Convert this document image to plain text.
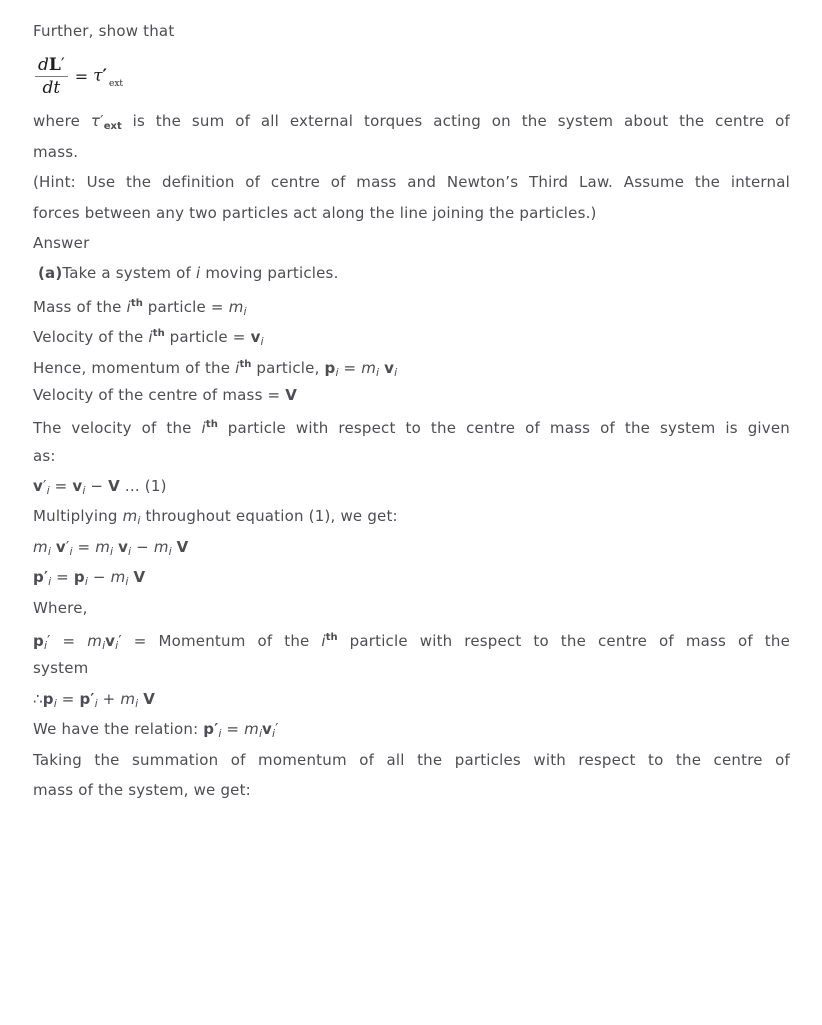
Further, show that
$\frac{dL'}{dt} = \tau'$ ext
where $\tau'_{ext}$ is the sum of all external torques acting on the system about the centre of
mass.
(Hint: Use the definition of centre of mass and Newton’s Third Law. Assume the internal
forces between any two particles act along the line joining the particles.)
Answer
(a)Take a system of i moving particles.
Mass of the $i^{th}$ particle = $m_i$
Velocity of the $i^{th}$ particle = $v_i$
Hence, momentum of the $i^{th}$ particle, $p_i = m_i$ $v_i$
Velocity of the centre of mass = V
The velocity of the $i^{th}$ particle with respect to the centre of mass of the system is given
as:
$v'_i = v_i - V$ ... (1)
Multiplying $m_i$ throughout equation (1), we get:
$m_i$ $v'_i = m_i$ $v_i - m_i$ V
$p'_i = p_i - m_i$ V
Where,
$p_i' = m_iv_i'$ = Momentum of the $i^{th}$ particle with respect to the centre of mass of the
system
$\therefore p_i = p'_i + m_i$ V
We have the relation: $p'_i = m_iv_i'$
Taking the summation of momentum of all the particles with respect to the centre of
mass of the system, we get:
